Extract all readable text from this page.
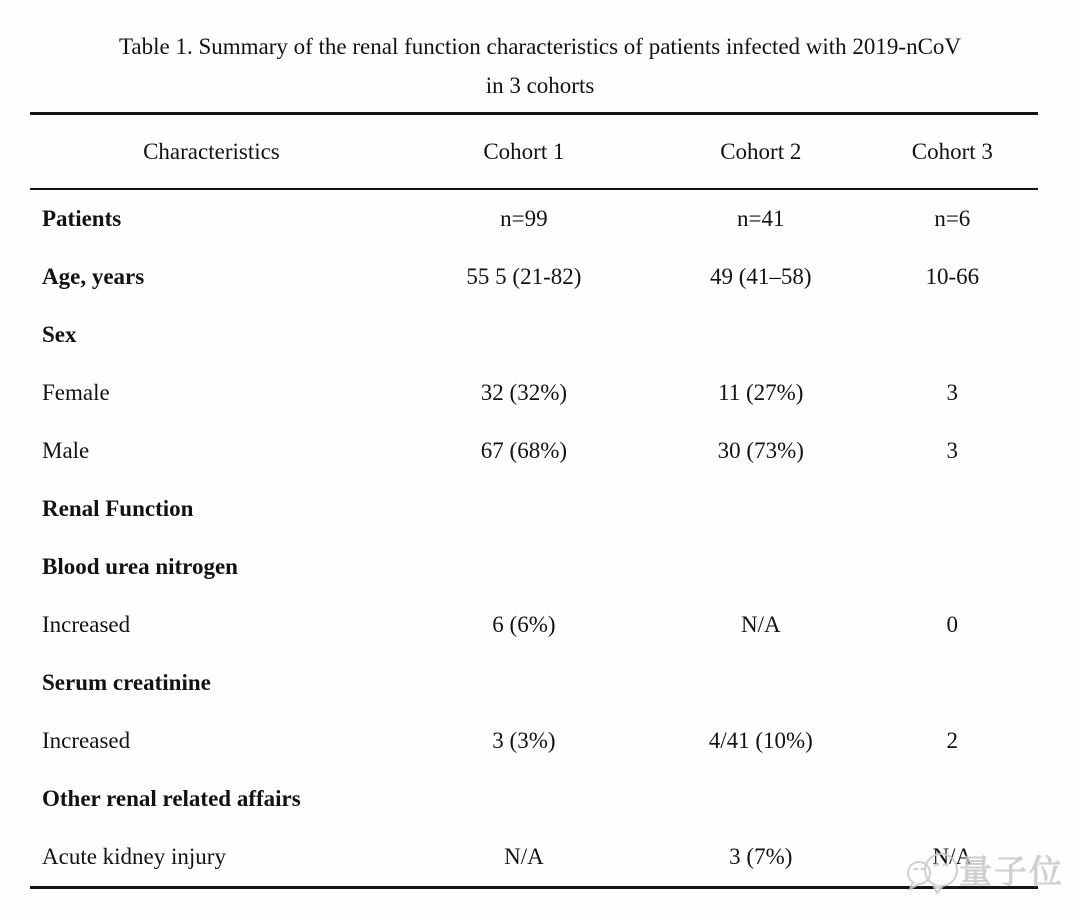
Table 1. Summary of the renal function characteristics of patients infected with 2019-nCoV
in 3 cohorts
Characteristics	Cohort 1	Cohort 2	Cohort 3
Patients	n=99	n=41	n=6
Age, years	55 5 (21-82)	49 (41–58)	10-66
Sex
Female	32 (32%)	11 (27%)	3
Male	67 (68%)	30 (73%)	3
Renal Function
Blood urea nitrogen
Increased	6 (6%)	N/A	0
Serum creatinine
Increased	3 (3%)	4/41 (10%)	2
Other renal related affairs
Acute kidney injury	N/A	3 (7%)	N/A
量子位
